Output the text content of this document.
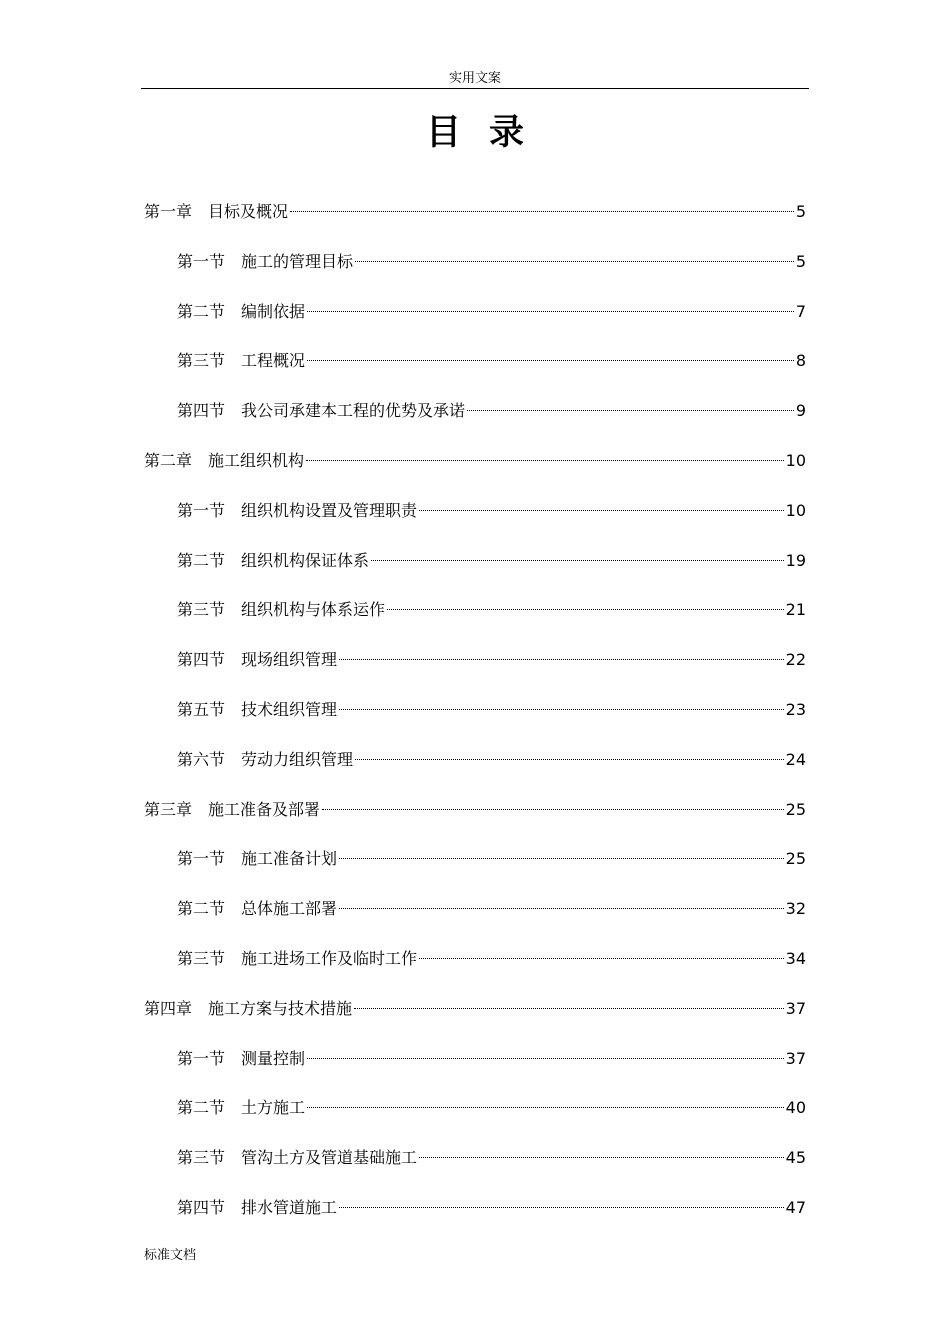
实用文案
目录
第一章 目标及概况	5
第一节 施工的管理目标	5
第二节 编制依据	7
第三节 工程概况	8
第四节 我公司承建本工程的优势及承诺	9
第二章 施工组织机构	10
第一节 组织机构设置及管理职责	10
第二节 组织机构保证体系	19
第三节 组织机构与体系运作	21
第四节 现场组织管理	22
第五节 技术组织管理	23
第六节 劳动力组织管理	24
第三章 施工准备及部署	25
第一节 施工准备计划	25
第二节 总体施工部署	32
第三节 施工进场工作及临时工作	34
第四章 施工方案与技术措施	37
第一节 测量控制	37
第二节 土方施工	40
第三节 管沟土方及管道基础施工	45
第四节 排水管道施工	47
标准文档
